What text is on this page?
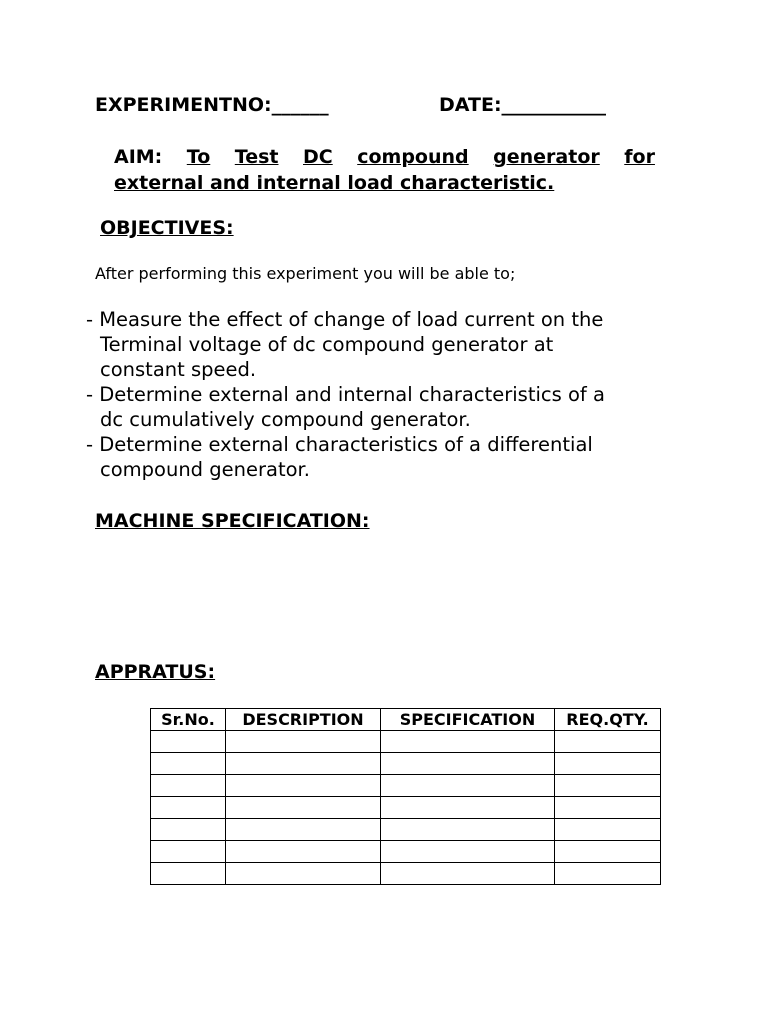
EXPERIMENTNO:______	DATE:___________
AIM: To Test DC compound generator for
external and internal load characteristic.
OBJECTIVES:
After performing this experiment you will be able to;
- Measure the effect of change of load current on the
Terminal voltage of dc compound generator at
constant speed.
- Determine external and internal characteristics of a
dc cumulatively compound generator.
- Determine external characteristics of a differential
compound generator.
MACHINE SPECIFICATION:
APPRATUS:
Sr.No.	DESCRIPTION	SPECIFICATION	REQ.QTY.
